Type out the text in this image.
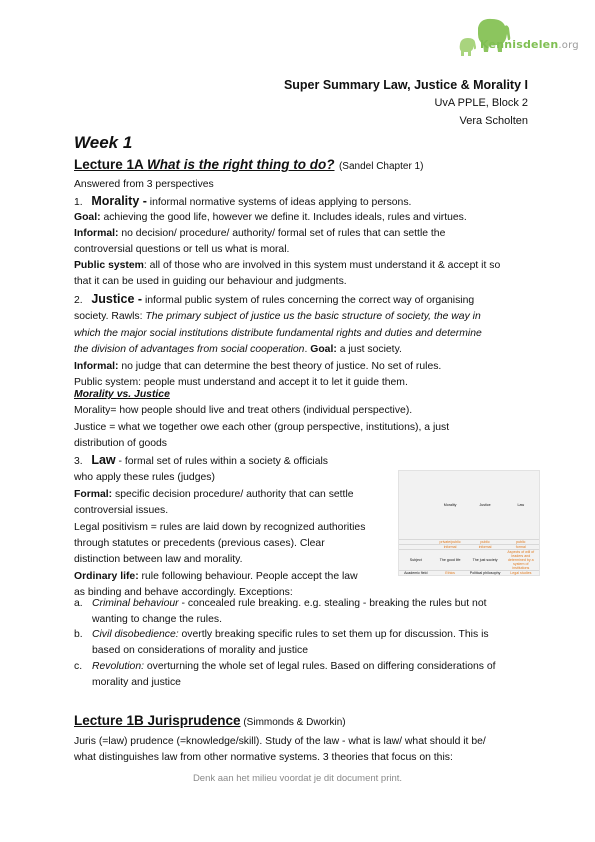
Kennisdelen.org
Super Summary Law, Justice & Morality I
UvA PPLE, Block 2
Vera Scholten
Week 1
Lecture 1A What is the right thing to do? (Sandel Chapter 1)
Answered from 3 perspectives
1. Morality - informal normative systems of ideas applying to persons.
Goal: achieving the good life, however we define it. Includes ideals, rules and virtues.
Informal: no decision/ procedure/ authority/ formal set of rules that can settle the
controversial questions or tell us what is moral.
Public system: all of those who are involved in this system must understand it & accept it so
that it can be used in guiding our behaviour and judgments.
2. Justice - informal public system of rules concerning the correct way of organising
society. Rawls: The primary subject of justice us the basic structure of society, the way in
which the major social institutions distribute fundamental rights and duties and determine
the division of advantages from social cooperation. Goal: a just society.
Informal: no judge that can determine the best theory of justice. No set of rules.
Public system: people must understand and accept it to let it guide them.
Morality vs. Justice
Morality= how people should live and treat others (individual perspective).
Justice = what we together owe each other (group perspective, institutions), a just
distribution of goods
3. Law - formal set of rules within a society & officials
who apply these rules (judges)
Formal: specific decision procedure/ authority that can settle
controversial issues.
Legal positivism = rules are laid down by recognized authorities
through statutes or precedents (previous cases). Clear
distinction between law and morality.
Ordinary life: rule following behaviour. People accept the law
as binding and behave accordingly. Exceptions:
a. Criminal behaviour - concealed rule breaking. e.g. stealing - breaking the rules but not
wanting to change the rules.
b. Civil disobedience: overtly breaking specific rules to set them up for discussion. This is
based on considerations of morality and justice
c. Revolution: overturning the whole set of legal rules. Based on differing considerations of
morality and justice
	Morality	Justice	Law
	private/public	public	public
	informal	informal	formal
Subject	The good life	The just society	Aspects of will of leaders and determined by a system of institutions
Academic field	Ethics	Political philosophy	Legal studies
Lecture 1B Jurisprudence (Simmonds & Dworkin)
Juris (=law) prudence (=knowledge/skill). Study of the law - what is law/ what should it be/
what distinguishes law from other normative systems. 3 theories that focus on this:
Denk aan het milieu voordat je dit document print.
